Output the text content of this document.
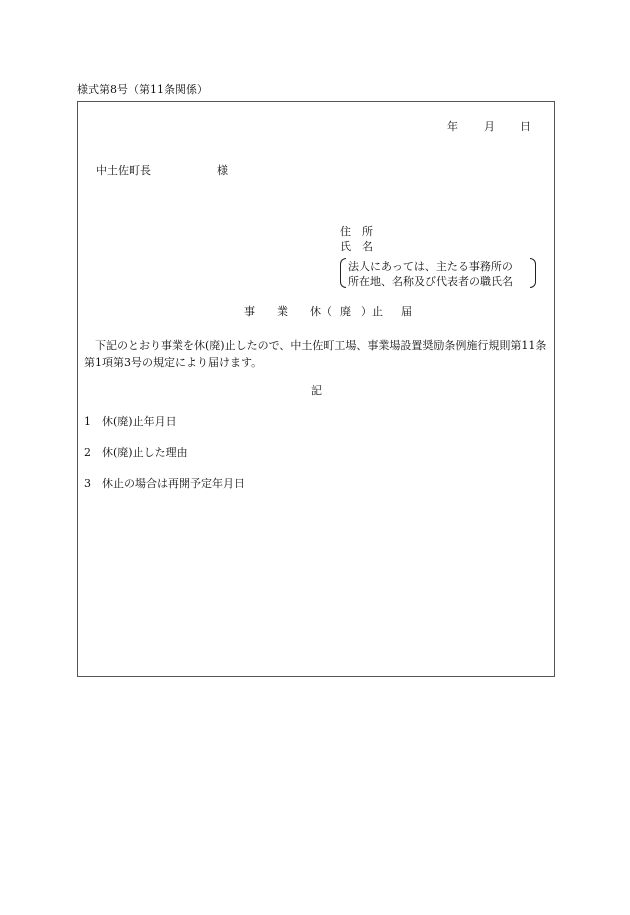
様式第8号（第11条関係）
年 月 日
中土佐町長	様
住 所
氏 名
法人にあっては、主たる事務所の
所在地、名称及び代表者の職氏名
事 業 休（ 廃 ）止 届
下記のとおり事業を休(廃)止したので、中土佐町工場、事業場設置奨励条例施行規則第11条第1項第3号の規定により届けます。
記
1 休(廃)止年月日
2 休(廃)止した理由
3 休止の場合は再開予定年月日
